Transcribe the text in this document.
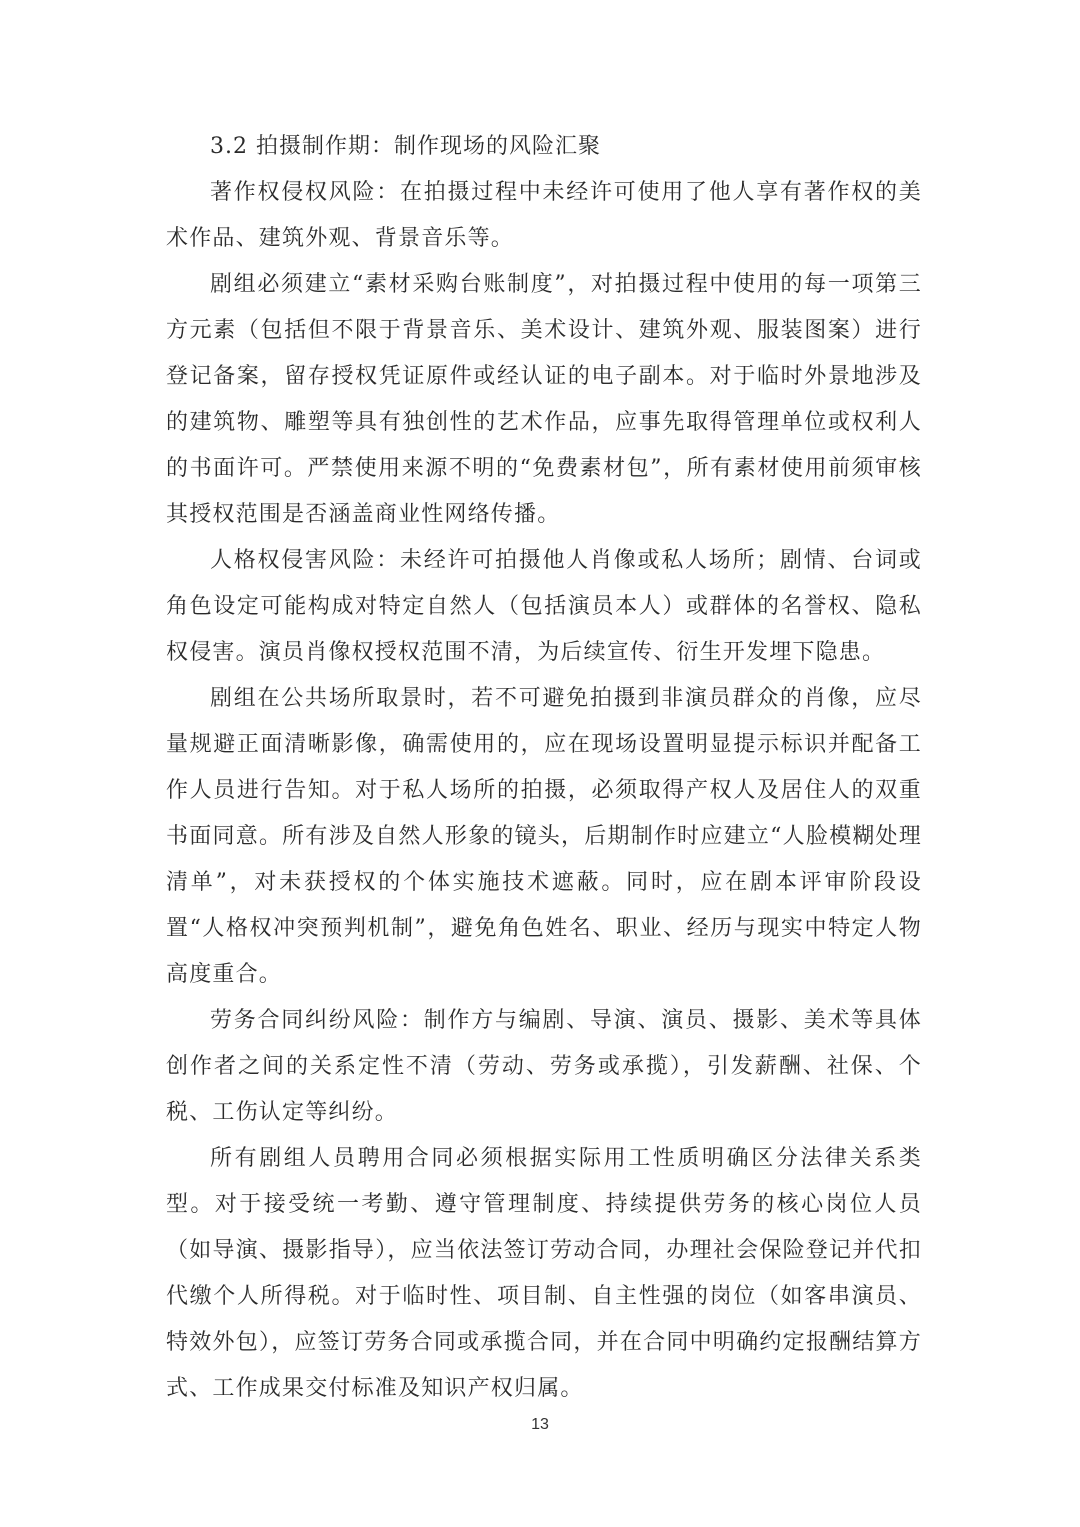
3.2 拍摄制作期：制作现场的风险汇聚

著作权侵权风险：在拍摄过程中未经许可使用了他人享有著作权的美术作品、建筑外观、背景音乐等。

剧组必须建立“素材采购台账制度”，对拍摄过程中使用的每一项第三方元素（包括但不限于背景音乐、美术设计、建筑外观、服装图案）进行登记备案，留存授权凭证原件或经认证的电子副本。对于临时外景地涉及的建筑物、雕塑等具有独创性的艺术作品，应事先取得管理单位或权利人的书面许可。严禁使用来源不明的“免费素材包”，所有素材使用前须审核其授权范围是否涵盖商业性网络传播。

人格权侵害风险：未经许可拍摄他人肖像或私人场所；剧情、台词或角色设定可能构成对特定自然人（包括演员本人）或群体的名誉权、隐私权侵害。演员肖像权授权范围不清，为后续宣传、衍生开发埋下隐患。

剧组在公共场所取景时，若不可避免拍摄到非演员群众的肖像，应尽量规避正面清晰影像，确需使用的，应在现场设置明显提示标识并配备工作人员进行告知。对于私人场所的拍摄，必须取得产权人及居住人的双重书面同意。所有涉及自然人形象的镜头，后期制作时应建立“人脸模糊处理清单”，对未获授权的个体实施技术遮蔽。同时，应在剧本评审阶段设置“人格权冲突预判机制”，避免角色姓名、职业、经历与现实中特定人物高度重合。

劳务合同纠纷风险：制作方与编剧、导演、演员、摄影、美术等具体创作者之间的关系定性不清（劳动、劳务或承揽），引发薪酬、社保、个税、工伤认定等纠纷。

所有剧组人员聘用合同必须根据实际用工性质明确区分法律关系类型。对于接受统一考勤、遵守管理制度、持续提供劳务的核心岗位人员（如导演、摄影指导），应当依法签订劳动合同，办理社会保险登记并代扣代缴个人所得税。对于临时性、项目制、自主性强的岗位（如客串演员、特效外包），应签订劳务合同或承揽合同，并在合同中明确约定报酬结算方式、工作成果交付标准及知识产权归属。

13
